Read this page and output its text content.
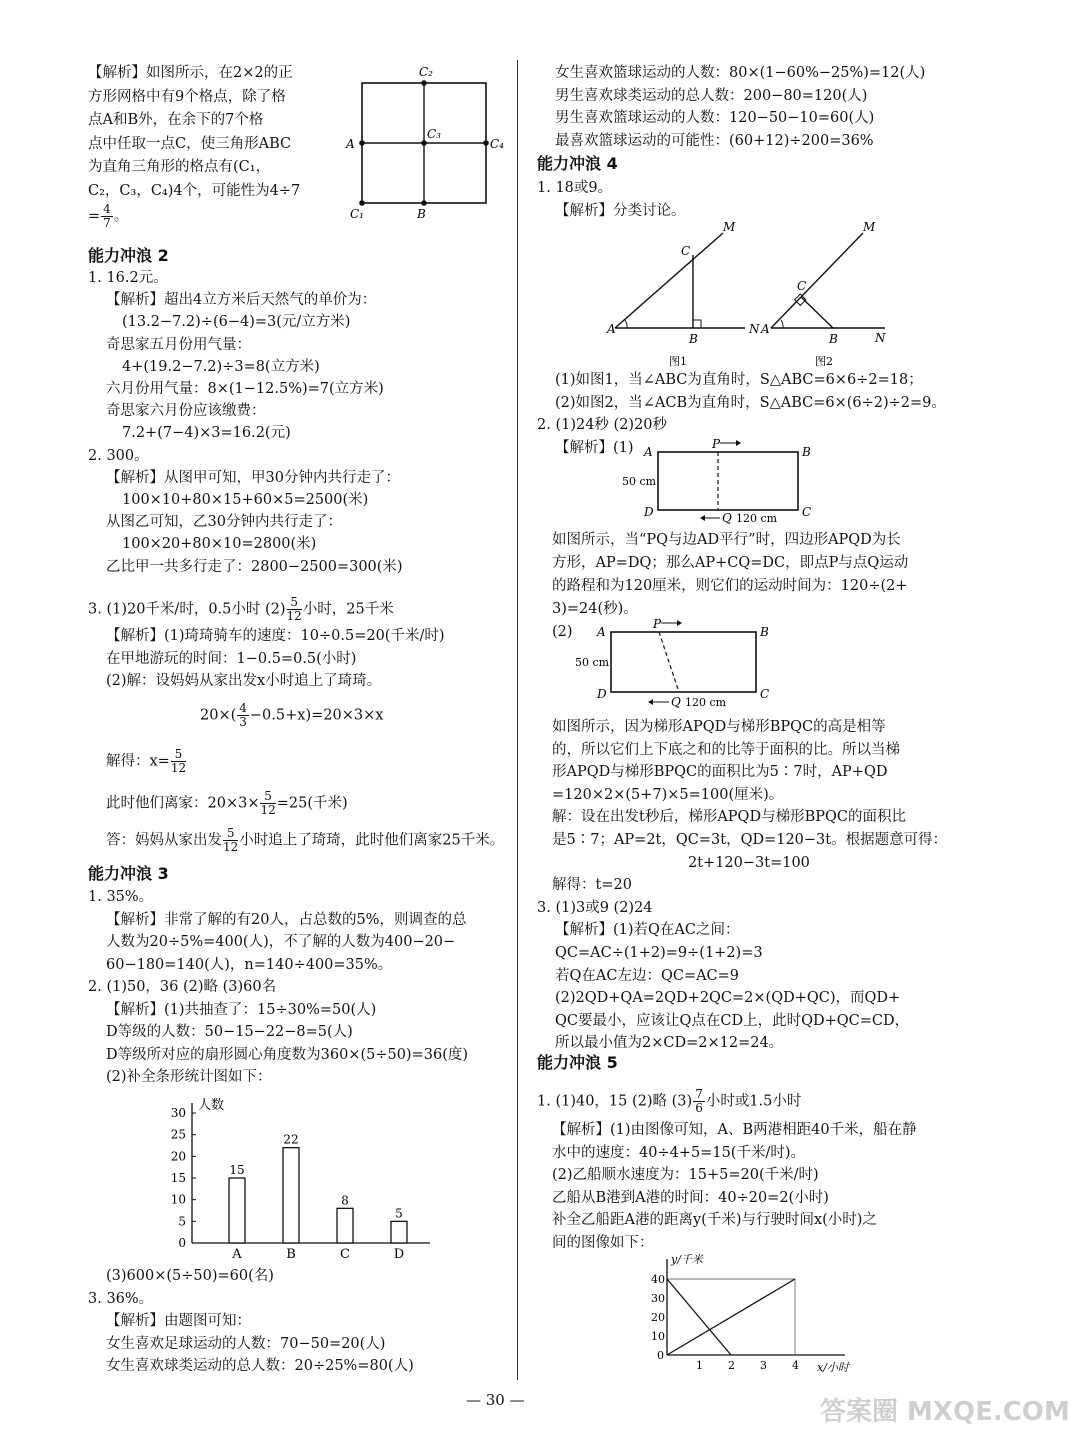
【解析】如图所示，在2×2的正
方形网格中有9个格点，除了格
点A和B外，在余下的7个格
点中任取一点C，使三角形ABC
为直角三角形的格点有(C₁，
C₂，C₃，C₄)4个，可能性为4÷7
= $\frac{4}{7}$ 。
C₂
A
C₃
C₄
C₁	B
能力冲浪 2
1. 16.2元。
【解析】超出4立方米后天然气的单价为：
(13.2−7.2)÷(6−4)=3(元/立方米)
奇思家五月份用气量：
4+(19.2−7.2)÷3=8(立方米)
六月份用气量：8×(1−12.5%)=7(立方米)
奇思家六月份应该缴费：
7.2+(7−4)×3=16.2(元)
2. 300。
【解析】从图甲可知，甲30分钟内共行走了：
100×10+80×15+60×5=2500(米)
从图乙可知，乙30分钟内共行走了：
100×20+80×10=2800(米)
乙比甲一共多行走了：2800−2500=300(米)
3. (1)20千米/时，0.5小时 $(2) \frac{5}{12}$ 小时，25千米
【解析】(1)琦琦骑车的速度：10÷0.5=20(千米/时)
在甲地游玩的时间：1−0.5=0.5(小时)
(2)解：设妈妈从家出发x小时追上了琦琦。
$20\times( \frac{4}{3} -0.5+x)=20\times 3\times x$
解得：$x= \frac{5}{12}$
此时他们离家：$20\times 3\times \frac{5}{12} =25$(千米)
答：妈妈从家出发 $\frac{5}{12}$ 小时追上了琦琦，此时他们离家25千米。
能力冲浪 3
1. 35%。
【解析】非常了解的有20人，占总数的5%，则调查的总
人数为20÷5%=400(人)，不了解的人数为400−20−
60−180=140(人)，n=140÷400=35%。
2. (1)50，36 (2)略 (3)60名
【解析】(1)共抽查了：15÷30%=50(人)
D等级的人数：50−15−22−8=5(人)
D等级所对应的扇形圆心角度数为360×(5÷50)=36(度)
(2)补全条形统计图如下：
人数
0
5
10
15
20
25
30
15
A
22
B
8
C
5
D
(3)600×(5÷50)=60(名)
3. 36%。
【解析】由题图可知：
女生喜欢足球运动的人数：70−50=20(人)
女生喜欢球类运动的总人数：20÷25%=80(人)
女生喜欢篮球运动的人数：80×(1−60%−25%)=12(人)
男生喜欢球类运动的总人数：200−80=120(人)
男生喜欢篮球运动的人数：120−50−10=60(人)
最喜欢篮球运动的可能性：(60+12)÷200=36%
能力冲浪 4
1. 18或9。
【解析】分类讨论。
M
C
A
B
N
图1
M
C
A
B	N
图2
(1)如图1，当∠ABC为直角时，S△ABC=6×6÷2=18；
(2)如图2，当∠ACB为直角时，S△ABC=6×(6÷2)÷2=9。
2. (1)24秒 (2)20秒
【解析】(1) A
P
B
50 cm
D	Q 120 cm C
如图所示，当“PQ与边AD平行”时，四边形APQD为长
方形，AP=DQ；那么AP+CQ=DC，即点P与点Q运动
的路程和为120厘米，则它们的运动时间为：120÷(2+
3)=24(秒)。
(2) A
P
B
50 cm
D
Q 120 cm
C
如图所示，因为梯形APQD与梯形BPQC的高是相等
的，所以它们上下底之和的比等于面积的比。所以当梯
形APQD与梯形BPQC的面积比为5∶7时，AP+QD
=120×2×(5+7)×5=100(厘米)。
解：设在出发t秒后，梯形APQD与梯形BPQC的面积比
是5∶7；AP=2t，QC=3t，QD=120−3t。根据题意可得：
2t+120−3t=100
解得：t=20
3. (1)3或9 (2)24
【解析】(1)若Q在AC之间：
QC=AC÷(1+2)=9÷(1+2)=3
若Q在AC左边：QC=AC=9
(2)2QD+QA=2QD+2QC=2×(QD+QC)，而QD+
QC要最小，应该让Q点在CD上，此时QD+QC=CD，
所以最小值为2×CD=2×12=24。
能力冲浪 5
1. (1)40，15 (2)略 $(3) \frac{7}{6}$ 小时或1.5小时
【解析】(1)由图像可知，A、B两港相距40千米，船在静
水中的速度：40÷4+5=15(千米/时)。
(2)乙船顺水速度为：15+5=20(千米/时)
乙船从B港到A港的时间：40÷20=2(小时)
补全乙船距A港的距离y(千米)与行驶时间x(小时)之
间的图像如下：
y/千米
x/小时
40
30
20
10
0
1 2 3 4
— 30 —	答案圈 MXQE.COM
